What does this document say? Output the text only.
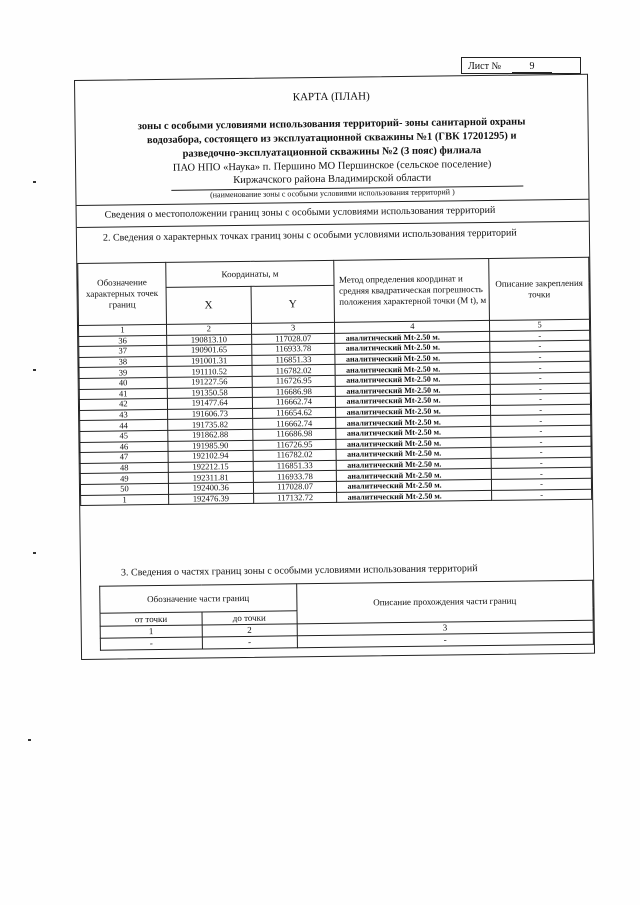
Лист №	9
КАРТА (ПЛАН)
зоны с особыми условиями использования территорий- зоны санитарной охраны
водозабора, состоящего из эксплуатационной скважины №1 (ГВК 17201295) и
разведочно-эксплуатационной скважины №2 (3 пояс) филиала
ПАО НПО «Наука» п. Першино МО Першинское (сельское поселение)
Киржачского района Владимирской области
(наименование зоны с особыми условиями использования территорий )
Сведения о местоположении границ зоны с особыми условиями использования территорий
2. Сведения о характерных точках границ зоны с особыми условиями использования территорий
Обозначение характерных точек границ	Координаты, м		Метод определения координат и средняя квадратическая погрешность положения характерной точки (M t), м	Описание закрепления точки
	X	Y		
1	2	3	4	5
36	190813.10	117028.07	аналитический Mt-2.50 м.	-
37	190901.65	116933.78	аналитический Mt-2.50 м.	-
38	191001.31	116851.33	аналитический Mt-2.50 м.	-
39	191110.52	116782.02	аналитический Mt-2.50 м.	-
40	191227.56	116726.95	аналитический Mt-2.50 м.	-
41	191350.58	116686.98	аналитический Mt-2.50 м.	-
42	191477.64	116662.74	аналитический Mt-2.50 м.	-
43	191606.73	116654.62	аналитический Mt-2.50 м.	-
44	191735.82	116662.74	аналитический Mt-2.50 м.	-
45	191862.88	116686.98	аналитический Mt-2.50 м.	-
46	191985.90	116726.95	аналитический Mt-2.50 м.	-
47	192102.94	116782.02	аналитический Mt-2.50 м.	-
48	192212.15	116851.33	аналитический Mt-2.50 м.	-
49	192311.81	116933.78	аналитический Mt-2.50 м.	-
50	192400.36	117028.07	аналитический Mt-2.50 м.	-
1	192476.39	117132.72	аналитический Mt-2.50 м.	-
3. Сведения о частях границ зоны с особыми условиями использования территорий
Обозначение части границ		Описание прохождения части границ
от точки	до точки	
1	2	3
-	-	-
